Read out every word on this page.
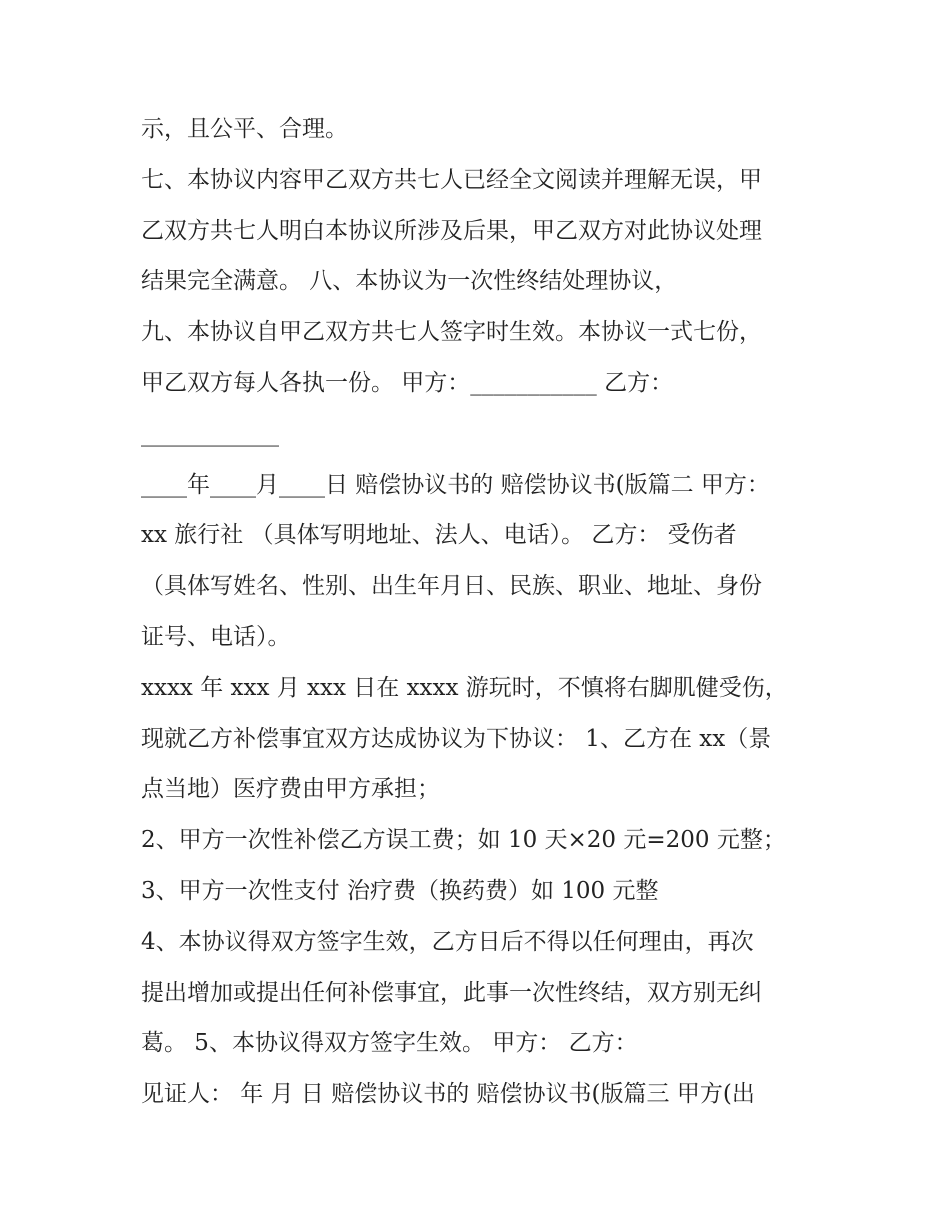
示，且公平、合理。
七、本协议内容甲乙双方共七人已经全文阅读并理解无误，甲
乙双方共七人明白本协议所涉及后果，甲乙双方对此协议处理
结果完全满意。 八、本协议为一次性终结处理协议，
九、本协议自甲乙双方共七人签字时生效。本协议一式七份，
甲乙双方每人各执一份。 甲方：___________ 乙方：
____________
____年____月____日 赔偿协议书的 赔偿协议书(版篇二 甲方：
xx 旅行社 （具体写明地址、法人、电话）。 乙方： 受伤者
（具体写姓名、性别、出生年月日、民族、职业、地址、身份
证号、电话）。
xxxx 年 xxx 月 xxx 日在 xxxx 游玩时，不慎将右脚肌健受伤，
现就乙方补偿事宜双方达成协议为下协议： 1、乙方在 xx（景
点当地）医疗费由甲方承担；
2、甲方一次性补偿乙方误工费；如 10 天×20 元=200 元整；
3、甲方一次性支付 治疗费（换药费）如 100 元整
4、本协议得双方签字生效，乙方日后不得以任何理由，再次
提出增加或提出任何补偿事宜，此事一次性终结，双方别无纠
葛。 5、本协议得双方签字生效。 甲方： 乙方：
见证人： 年 月 日 赔偿协议书的 赔偿协议书(版篇三 甲方(出
